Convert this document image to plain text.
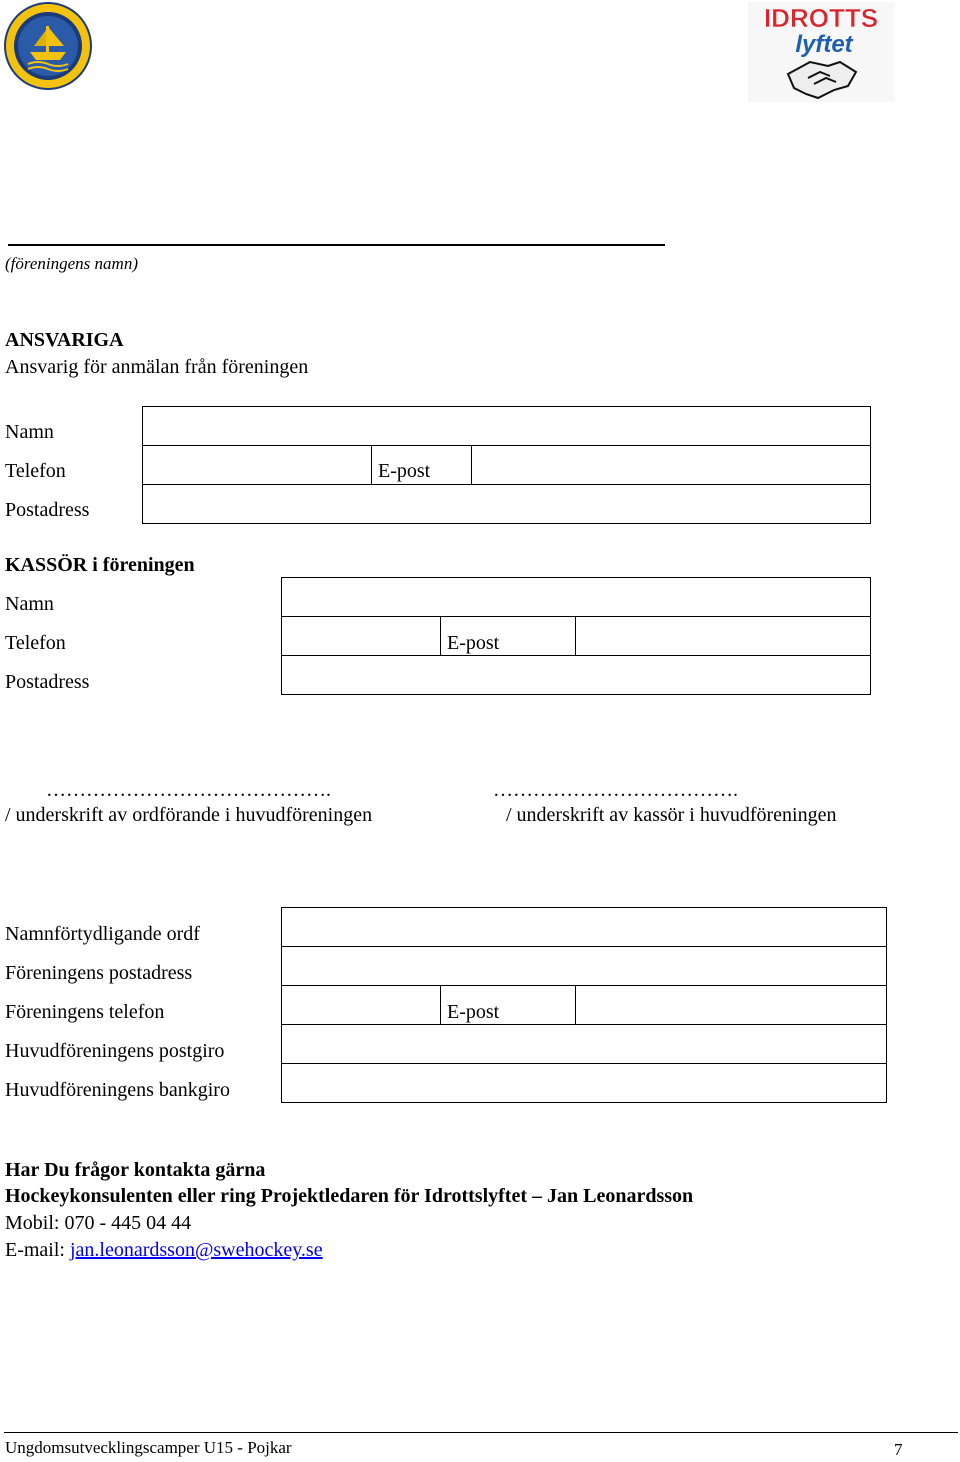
IDROTTS
lyftet
(föreningens namn)
ANSVARIGA
Ansvarig för anmälan från föreningen
Namn
Telefon
Postadress
E-post
KASSÖR i föreningen
Namn
Telefon
Postadress
E-post
…………………………………….
/ underskrift av ordförande i huvudföreningen
……………………………….
/ underskrift av kassör i huvudföreningen
Namnförtydligande ordf
Föreningens postadress
Föreningens telefon
Huvudföreningens postgiro
Huvudföreningens bankgiro
E-post
Har Du frågor kontakta gärna
Hockeykonsulenten eller ring Projektledaren för Idrottslyftet – Jan Leonardsson
Mobil: 070 - 445 04 44
E-mail: jan.leonardsson@swehockey.se
Ungdomsutvecklingscamper U15 - Pojkar	7
